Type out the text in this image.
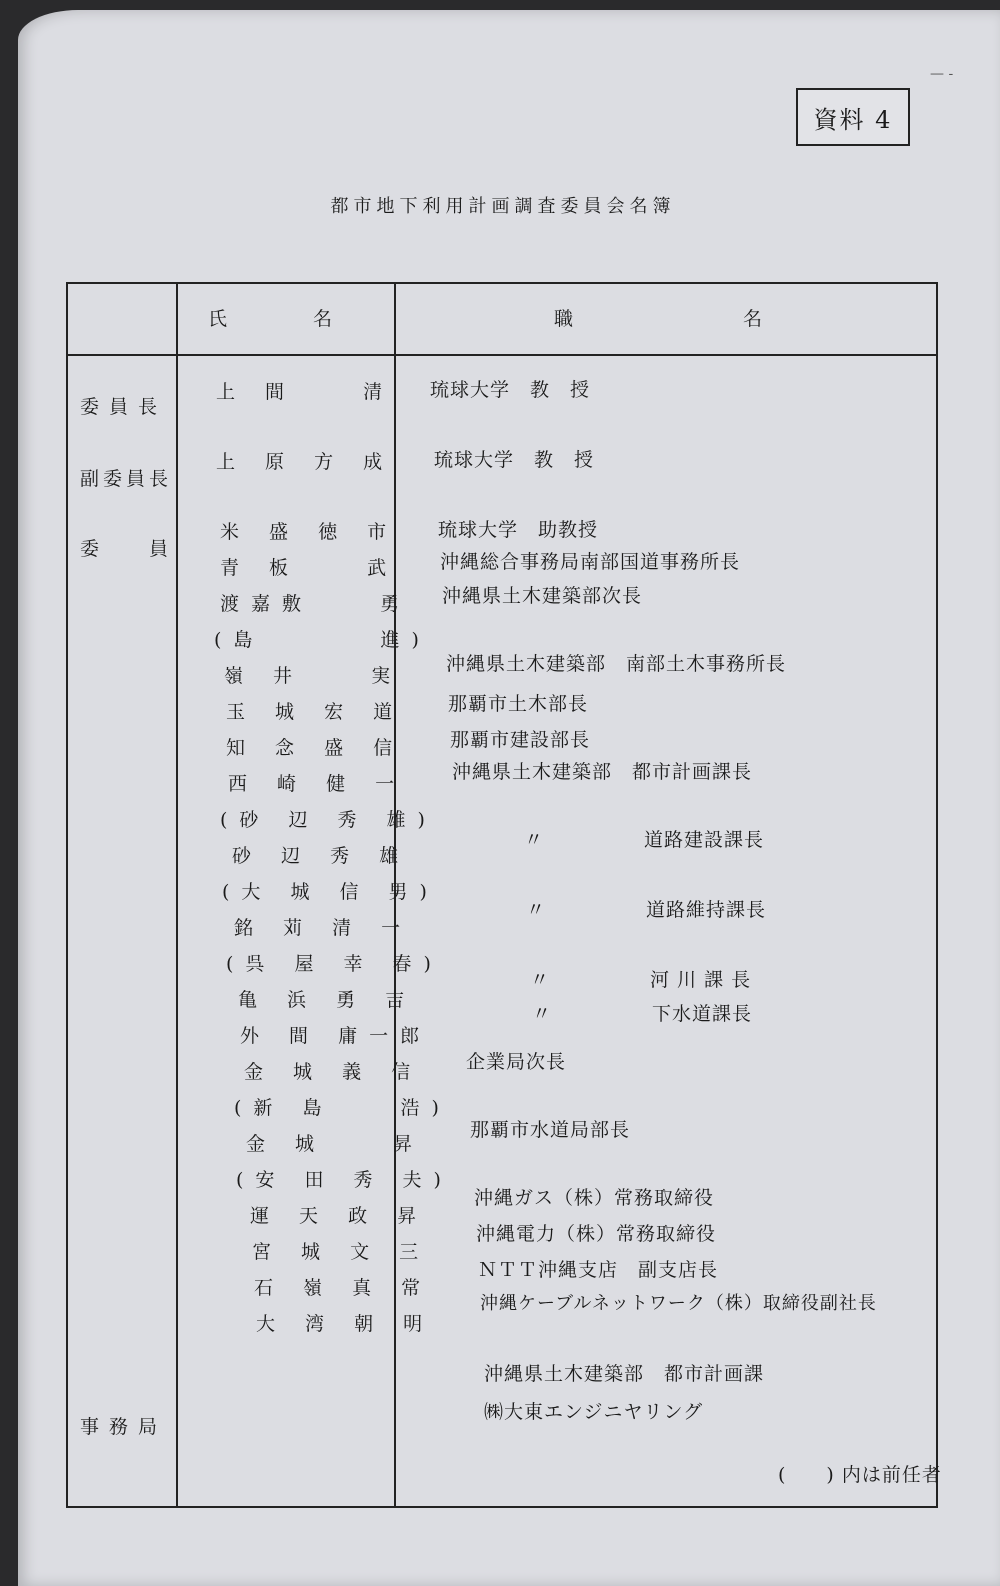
— -
資料 4
都市地下利用計画調査委員会名簿
氏　　　　名	職　　　　　　　　名
委員長
副委員長
委　　員
事務局
上 間 　 清
上 原 方 成
米 盛 徳 市
青 板 　 武
渡嘉敷 　 勇
(島 　 　 進)
嶺 井 　 実
玉 城 宏 道
知 念 盛 信
西 崎 健 一
(砂 辺 秀 雄)
砂 辺 秀 雄
(大 城 信 男)
銘 苅 清 一
(呉 屋 幸 春)
亀 浜 勇 吉
外 間 庸一郎
金 城 義 信
(新 島 　 浩)
金 城 　 昇
(安 田 秀 夫)
運 天 政 昇
宮 城 文 三
石 嶺 真 常
大 湾 朝 明
琉球大学　教　授
琉球大学　教　授
琉球大学　助教授
沖縄総合事務局南部国道事務所長
沖縄県土木建築部次長
沖縄県土木建築部　南部土木事務所長
那覇市土木部長
那覇市建設部長
沖縄県土木建築部　都市計画課長
〃　　　　　道路建設課長
〃　　　　　道路維持課長
〃　　　　　河 川 課 長
〃　　　　　下水道課長
企業局次長
那覇市水道局部長
沖縄ガス（株）常務取締役
沖縄電力（株）常務取締役
ＮＴＴ沖縄支店　副支店長
沖縄ケーブルネットワーク（株）取締役副社長
沖縄県土木建築部　都市計画課
㈱大東エンジニヤリング
(　　) 内は前任者
